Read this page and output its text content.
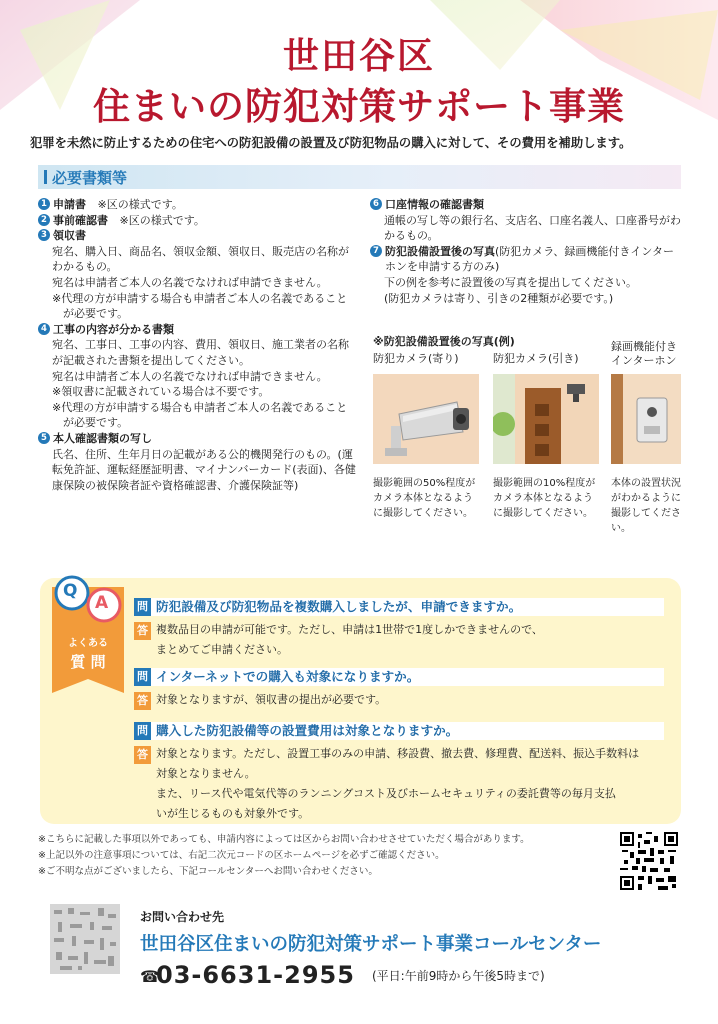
世田谷区
住まいの防犯対策サポート事業
犯罪を未然に防止するための住宅への防犯設備の設置及び防犯物品の購入に対して、その費用を補助します。
必要書類等
1 申請書 ※区の様式です。
2 事前確認書 ※区の様式です。
3 領収書
宛名、購入日、商品名、領収金額、領収日、販売店の名称がわかるもの。
宛名は申請者ご本人の名義でなければ申請できません。
※代理の方が申請する場合も申請者ご本人の名義であることが必要です。
4 工事の内容が分かる書類
宛名、工事日、工事の内容、費用、領収日、施工業者の名称が記載された書類を提出してください。
宛名は申請者ご本人の名義でなければ申請できません。
※領収書に記載されている場合は不要です。
※代理の方が申請する場合も申請者ご本人の名義であることが必要です。
5 本人確認書類の写し
氏名、住所、生年月日の記載がある公的機関発行のもの。(運転免許証、運転経歴証明書、マイナンバーカード(表面)、各健康保険の被保険者証や資格確認書、介護保険証等)
6 口座情報の確認書類
通帳の写し等の銀行名、支店名、口座名義人、口座番号がわかるもの。
7 防犯設備設置後の写真(防犯カメラ、録画機能付きインターホンを申請する方のみ)
下の例を参考に設置後の写真を提出してください。
(防犯カメラは寄り、引きの2種類が必要です。)
※防犯設備設置後の写真(例)
防犯カメラ(寄り)
撮影範囲の50%程度がカメラ本体となるように撮影してください。
防犯カメラ(引き)
撮影範囲の10%程度がカメラ本体となるように撮影してください。
録画機能付きインターホン
本体の設置状況がわかるように撮影してください。
Q
A
よくある
質 問
問 防犯設備及び防犯物品を複数購入しましたが、申請できますか。
答 複数品目の申請が可能です。ただし、申請は1世帯で1度しかできませんので、
まとめてご申請ください。
問 インターネットでの購入も対象になりますか。
答 対象となりますが、領収書の提出が必要です。
問 購入した防犯設備等の設置費用は対象となりますか。
答 対象となります。ただし、設置工事のみの申請、移設費、撤去費、修理費、配送料、振込手数料は
対象となりません。
また、リース代や電気代等のランニングコスト及びホームセキュリティの委託費等の毎月支払
いが生じるものも対象外です。
※こちらに記載した事項以外であっても、申請内容によっては区からお問い合わせさせていただく場合があります。
※上記以外の注意事項については、右記二次元コードの区ホームページを必ずご確認ください。
※ご不明な点がございましたら、下記コールセンターへお問い合わせください。
お問い合わせ先
世田谷区住まいの防犯対策サポート事業コールセンター
☎
03-6631-2955 (平日:午前9時から午後5時まで)
